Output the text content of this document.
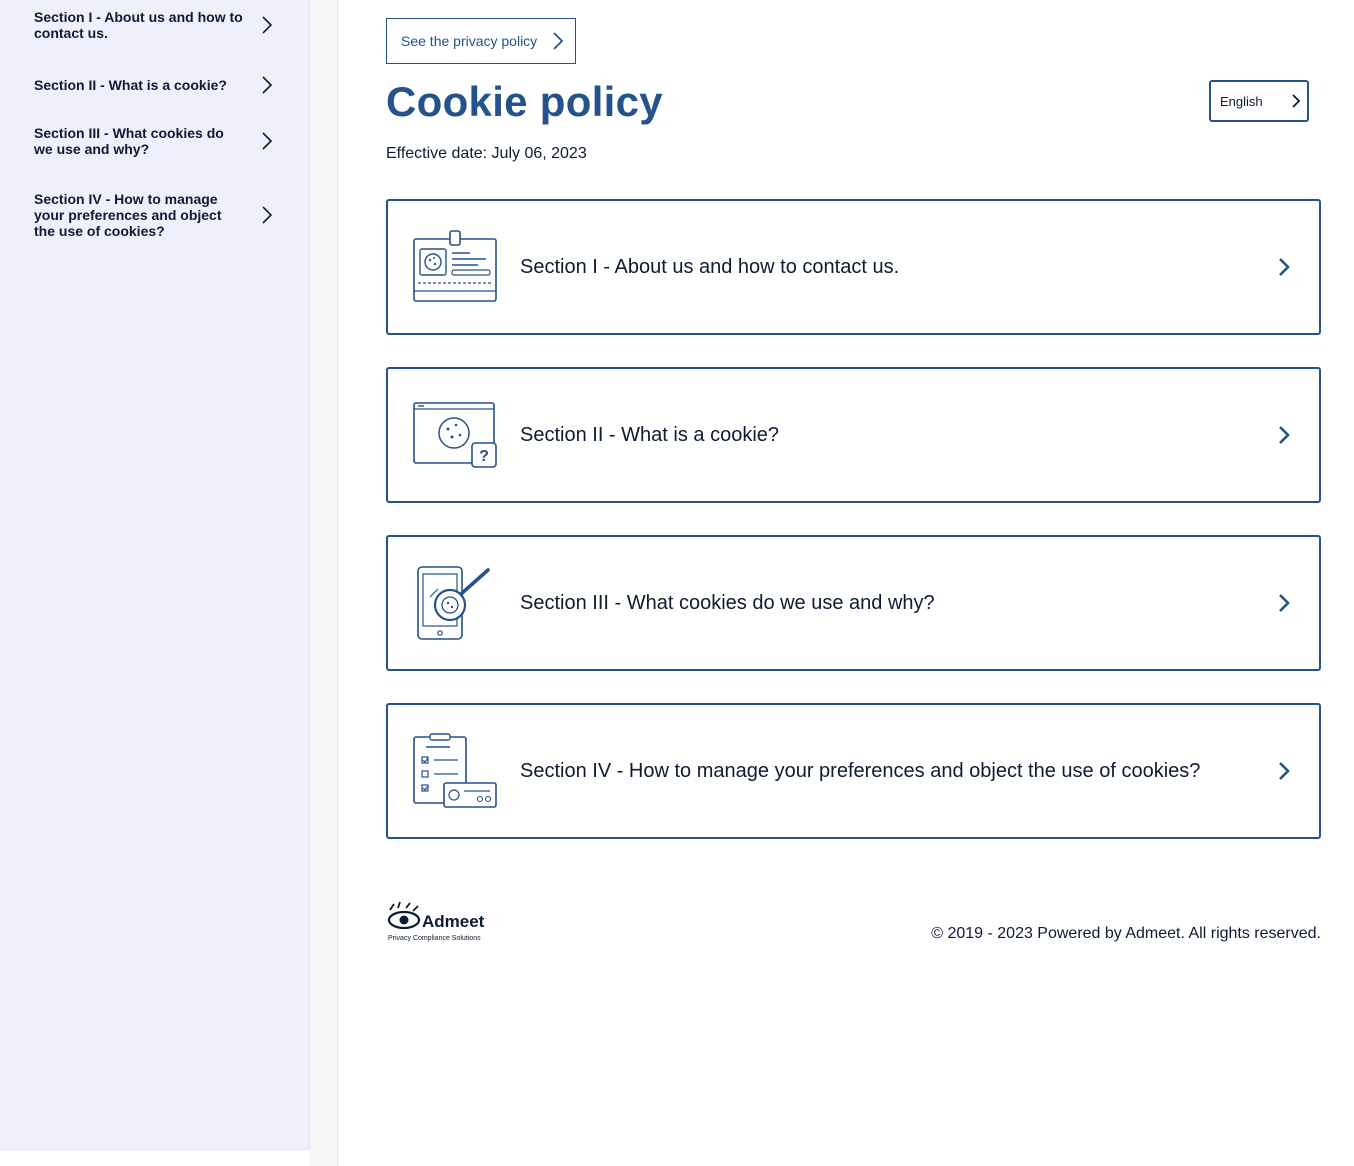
Section I - About us and how to contact us.
Section II - What is a cookie?
Section III - What cookies do we use and why?
Section IV - How to manage your preferences and object the use of cookies?
See the privacy policy
Cookie policy	English

Effective date: July 06, 2023

Section I - About us and how to contact us.
?
Section II - What is a cookie?
Section III - What cookies do we use and why?
Section IV - How to manage your preferences and object the use of cookies?
Admeet
Privacy Compliance Solutions	© 2019 - 2023 Powered by Admeet. All rights reserved.
